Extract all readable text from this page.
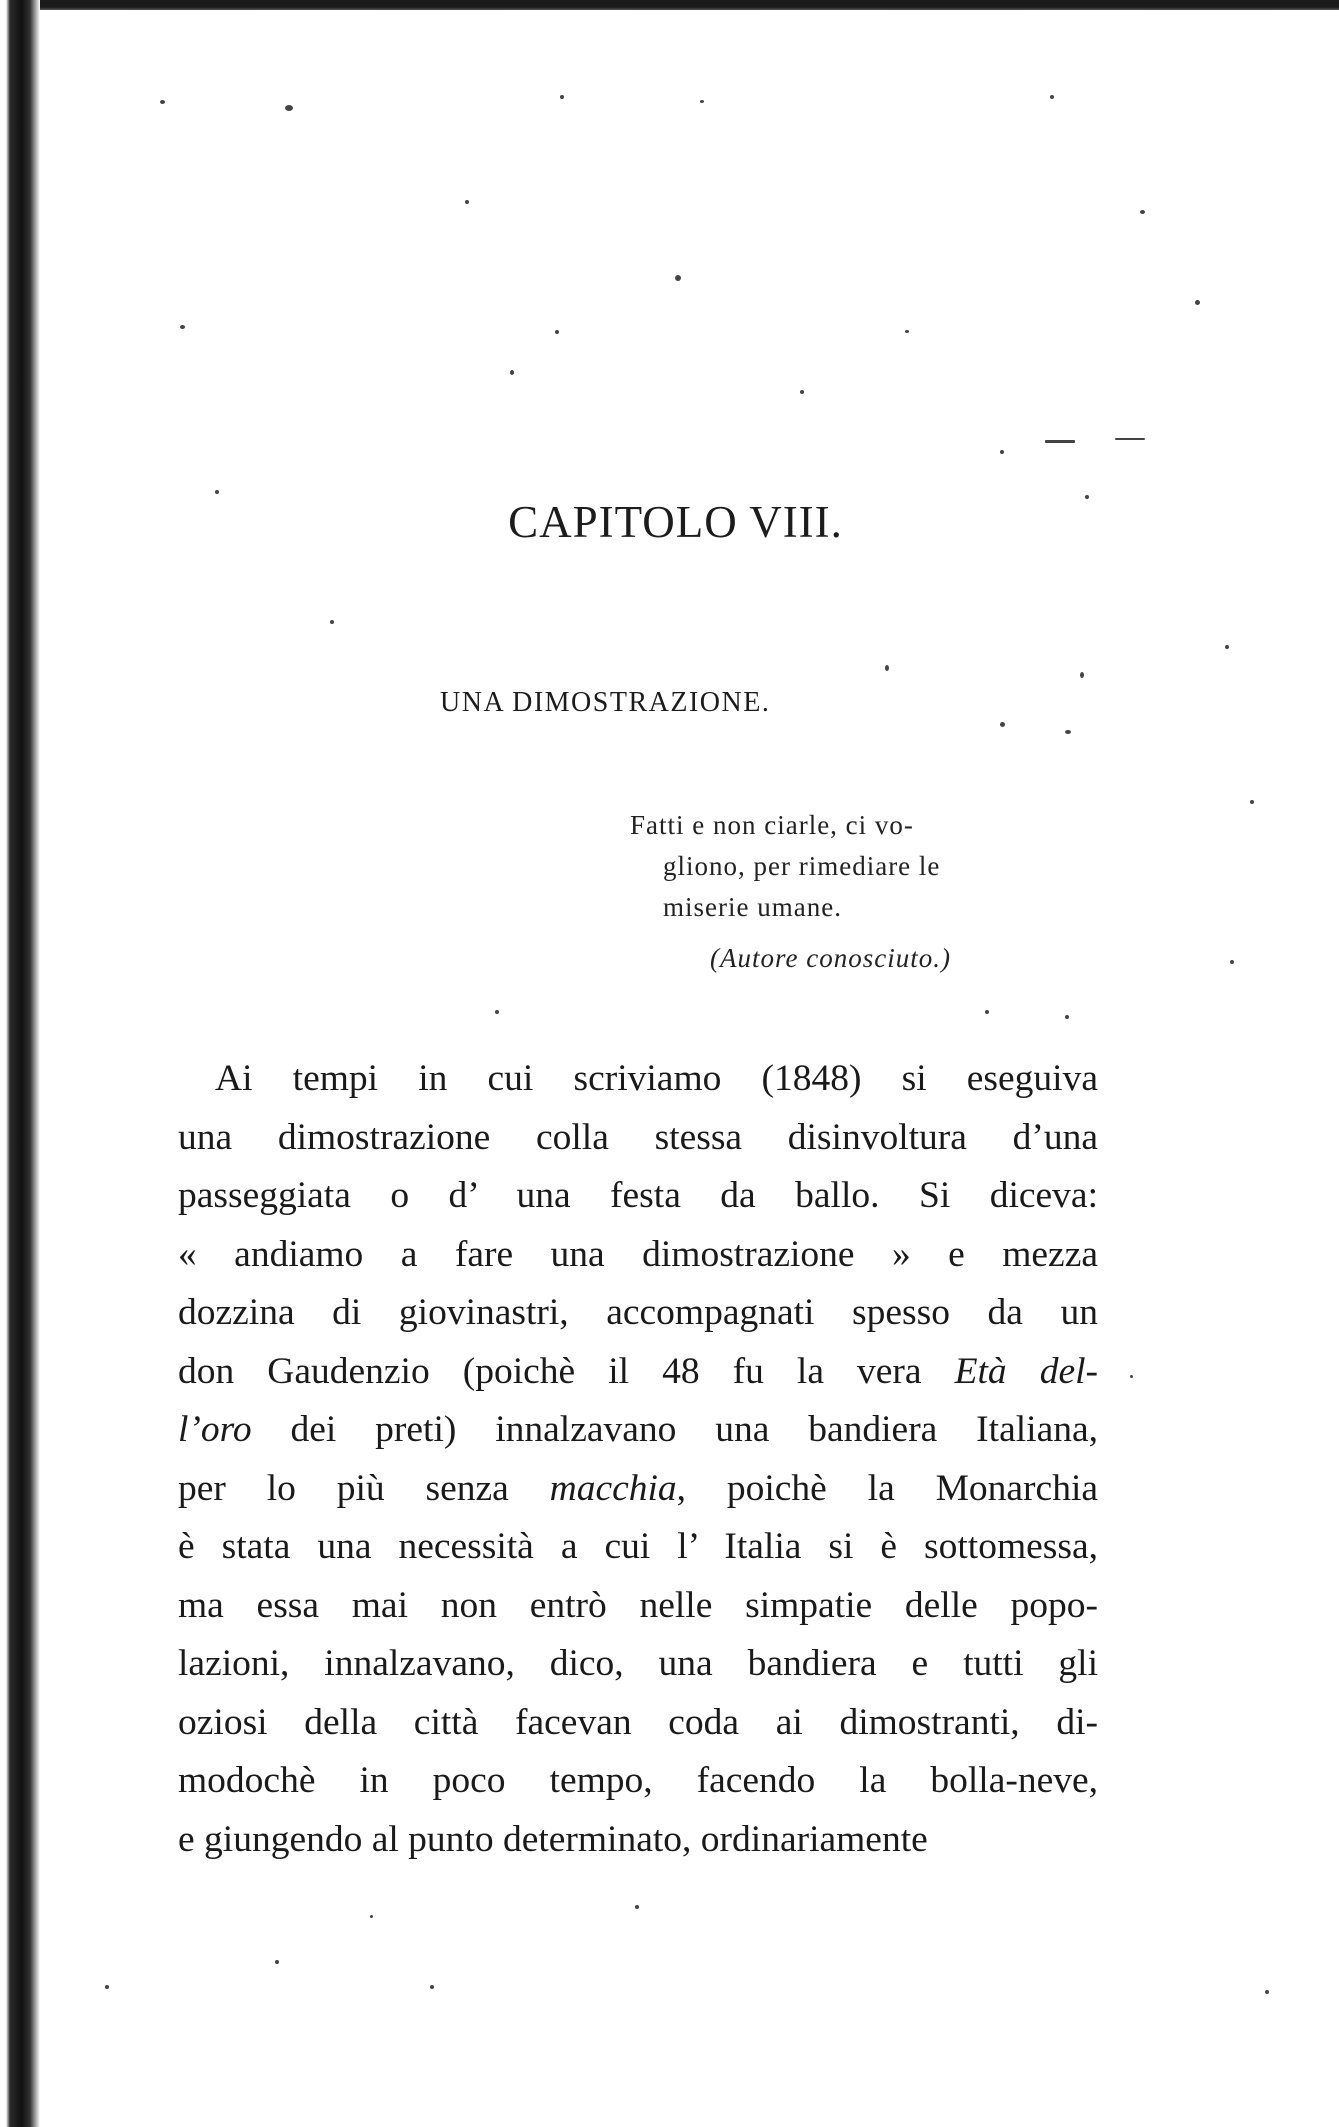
CAPITOLO VIII.
UNA DIMOSTRAZIONE.
Fatti e non ciarle, ci vo-
gliono, per rimediare le
miserie umane.
(Autore conosciuto.)
Ai tempi in cui scriviamo (1848) si eseguiva
una dimostrazione colla stessa disinvoltura d’una
passeggiata o d’ una festa da ballo. Si diceva:
« andiamo a fare una dimostrazione » e mezza
dozzina di giovinastri, accompagnati spesso da un
don Gaudenzio (poichè il 48 fu la vera Età del-
l’oro dei preti) innalzavano una bandiera Italiana,
per lo più senza macchia, poichè la Monarchia
è stata una necessità a cui l’ Italia si è sottomessa,
ma essa mai non entrò nelle simpatie delle popo-
lazioni, innalzavano, dico, una bandiera e tutti gli
oziosi della città facevan coda ai dimostranti, di-
modochè in poco tempo, facendo la bolla-neve,
e giungendo al punto determinato, ordinariamente
